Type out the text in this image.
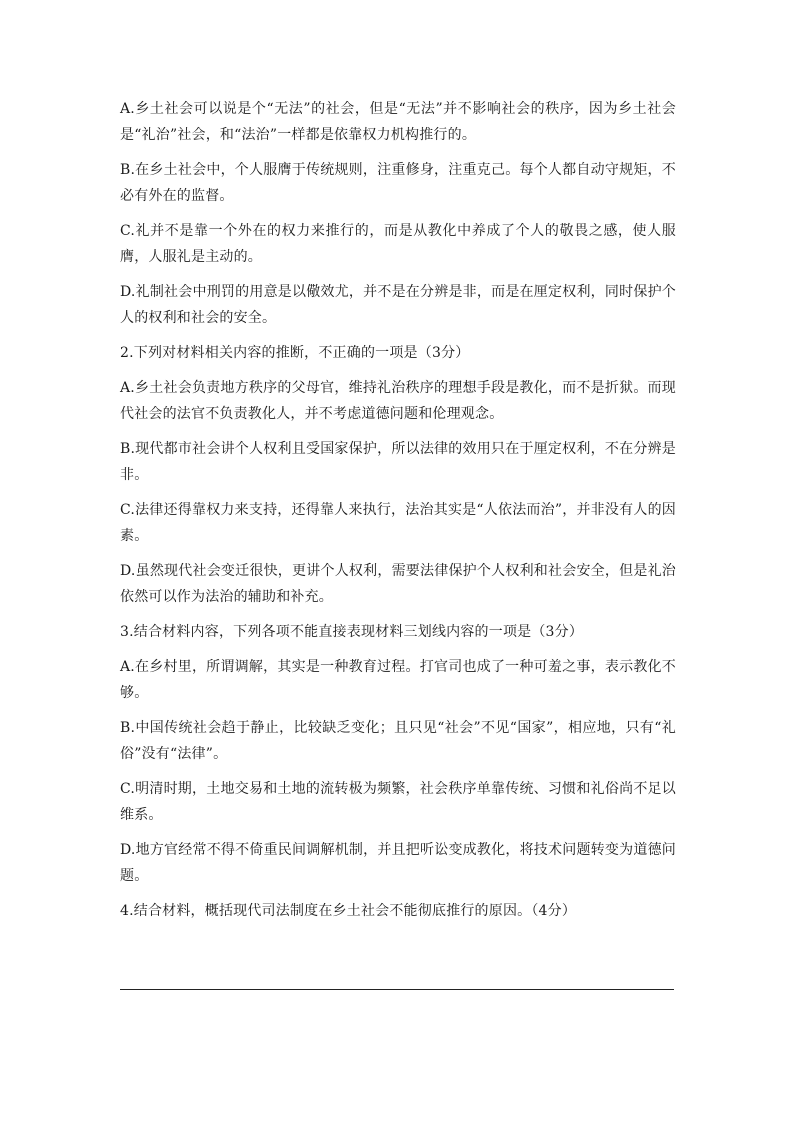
A.乡土社会可以说是个“无法”的社会，但是“无法”并不影响社会的秩序，因为乡土社会是“礼治”社会，和“法治”一样都是依靠权力机构推行的。

B.在乡土社会中，个人服膺于传统规则，注重修身，注重克己。每个人都自动守规矩，不必有外在的监督。

C.礼并不是靠一个外在的权力来推行的，而是从教化中养成了个人的敬畏之感，使人服膺，人服礼是主动的。

D.礼制社会中刑罚的用意是以儆效尤，并不是在分辨是非，而是在厘定权利，同时保护个人的权利和社会的安全。

2.下列对材料相关内容的推断，不正确的一项是（3分）

A.乡土社会负责地方秩序的父母官，维持礼治秩序的理想手段是教化，而不是折狱。而现代社会的法官不负责教化人，并不考虑道德问题和伦理观念。

B.现代都市社会讲个人权利且受国家保护，所以法律的效用只在于厘定权利，不在分辨是非。

C.法律还得靠权力来支持，还得靠人来执行，法治其实是“人依法而治”，并非没有人的因素。

D.虽然现代社会变迁很快，更讲个人权利，需要法律保护个人权利和社会安全，但是礼治依然可以作为法治的辅助和补充。

3.结合材料内容，下列各项不能直接表现材料三划线内容的一项是（3分）

A.在乡村里，所谓调解，其实是一种教育过程。打官司也成了一种可羞之事，表示教化不够。

B.中国传统社会趋于静止，比较缺乏变化；且只见“社会”不见“国家”，相应地，只有“礼俗”没有“法律”。

C.明清时期，土地交易和土地的流转极为频繁，社会秩序单靠传统、习惯和礼俗尚不足以维系。

D.地方官经常不得不倚重民间调解机制，并且把听讼变成教化，将技术问题转变为道德问题。

4.结合材料，概括现代司法制度在乡土社会不能彻底推行的原因。（4分）
